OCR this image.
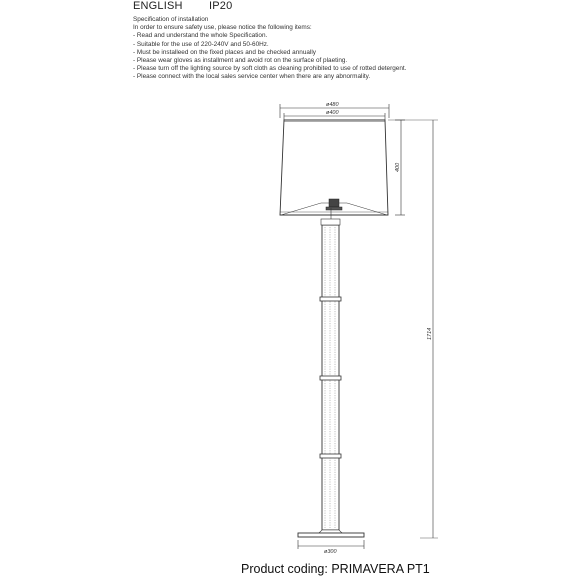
ENGLISH IP20
Specification of installation
In order to ensure safety use, please notice the following items:
- Read and understand the whole Specification.
- Suitable for the use of 220-240V and 50-60Hz.
- Must be installeed on the fixed places and be checked annually
- Please wear gloves as installment and avoid rot on the surface of plaeting.
- Please turn off the lighting source by soft cloth as cleaning prohibited to use of rotted detergent.
- Please connect with the local sales service center when there are any abnormality.
ø480
ø400
400
1714
ø300
Product coding: PRIMAVERA PT1
